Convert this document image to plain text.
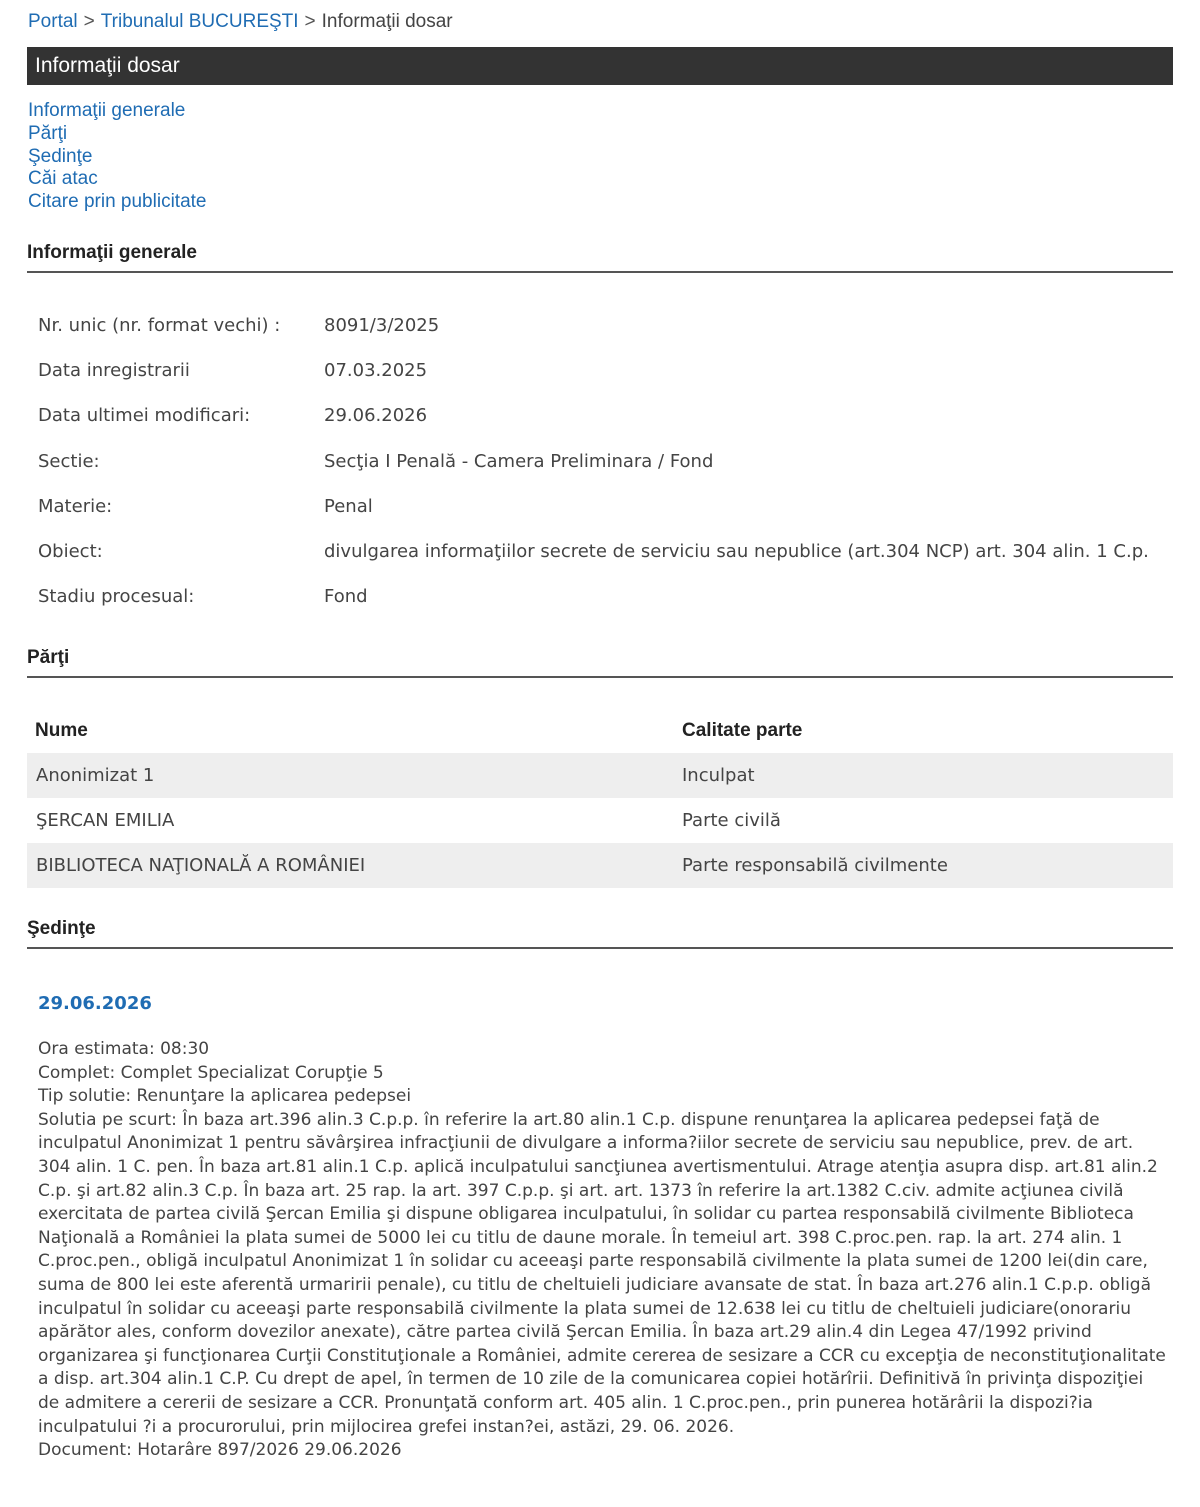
Portal > Tribunalul BUCUREŞTI > Informaţii dosar
Informaţii dosar
Informaţii generale
Părţi
Şedinţe
Căi atac
Citare prin publicitate
Informaţii generale
Nr. unic (nr. format vechi) : 8091/3/2025
Data inregistrarii	07.03.2025
Data ultimei modificari:	29.06.2026
Sectie:	Secţia I Penală - Camera Preliminara / Fond
Materie:	Penal
Obiect:	divulgarea informaţiilor secrete de serviciu sau nepublice (art.304 NCP) art. 304 alin. 1 C.p.
Stadiu procesual:	Fond
Părţi
Nume	Calitate parte
Anonimizat 1	Inculpat
ŞERCAN EMILIA	Parte civilă
BIBLIOTECA NAŢIONALĂ A ROMÂNIEI	Parte responsabilă civilmente
Şedinţe
29.06.2026
Ora estimata: 08:30
Complet: Complet Specializat Corupţie 5
Tip solutie: Renunţare la aplicarea pedepsei
Solutia pe scurt: În baza art.396 alin.3 C.p.p. în referire la art.80 alin.1 C.p. dispune renunţarea la aplicarea pedepsei faţă de inculpatul Anonimizat 1 pentru săvârşirea infracţiunii de divulgare a informa?iilor secrete de serviciu sau nepublice, prev. de art. 304 alin. 1 C. pen. În baza art.81 alin.1 C.p. aplică inculpatului sancţiunea avertismentului. Atrage atenţia asupra disp. art.81 alin.2 C.p. şi art.82 alin.3 C.p. În baza art. 25 rap. la art. 397 C.p.p. şi art. art. 1373 în referire la art.1382 C.civ. admite acţiunea civilă exercitata de partea civilă Şercan Emilia şi dispune obligarea inculpatului, în solidar cu partea responsabilă civilmente Biblioteca Naţională a României la plata sumei de 5000 lei cu titlu de daune morale. În temeiul art. 398 C.proc.pen. rap. la art. 274 alin. 1 C.proc.pen., obligă inculpatul Anonimizat 1 în solidar cu aceeaşi parte responsabilă civilmente la plata sumei de 1200 lei(din care, suma de 800 lei este aferentă urmaririi penale), cu titlu de cheltuieli judiciare avansate de stat. În baza art.276 alin.1 C.p.p. obligă inculpatul în solidar cu aceeaşi parte responsabilă civilmente la plata sumei de 12.638 lei cu titlu de cheltuieli judiciare(onorariu apărător ales, conform dovezilor anexate), către partea civilă Şercan Emilia. În baza art.29 alin.4 din Legea 47/1992 privind organizarea şi funcţionarea Curţii Constituţionale a României, admite cererea de sesizare a CCR cu excepţia de neconstituţionalitate a disp. art.304 alin.1 C.P. Cu drept de apel, în termen de 10 zile de la comunicarea copiei hotărîrii. Definitivă în privinţa dispoziţiei de admitere a cererii de sesizare a CCR. Pronunţată conform art. 405 alin. 1 C.proc.pen., prin punerea hotărârii la dispozi?ia inculpatului ?i a procurorului, prin mijlocirea grefei instan?ei, astăzi, 29. 06. 2026.
Document: Hotarâre 897/2026 29.06.2026
